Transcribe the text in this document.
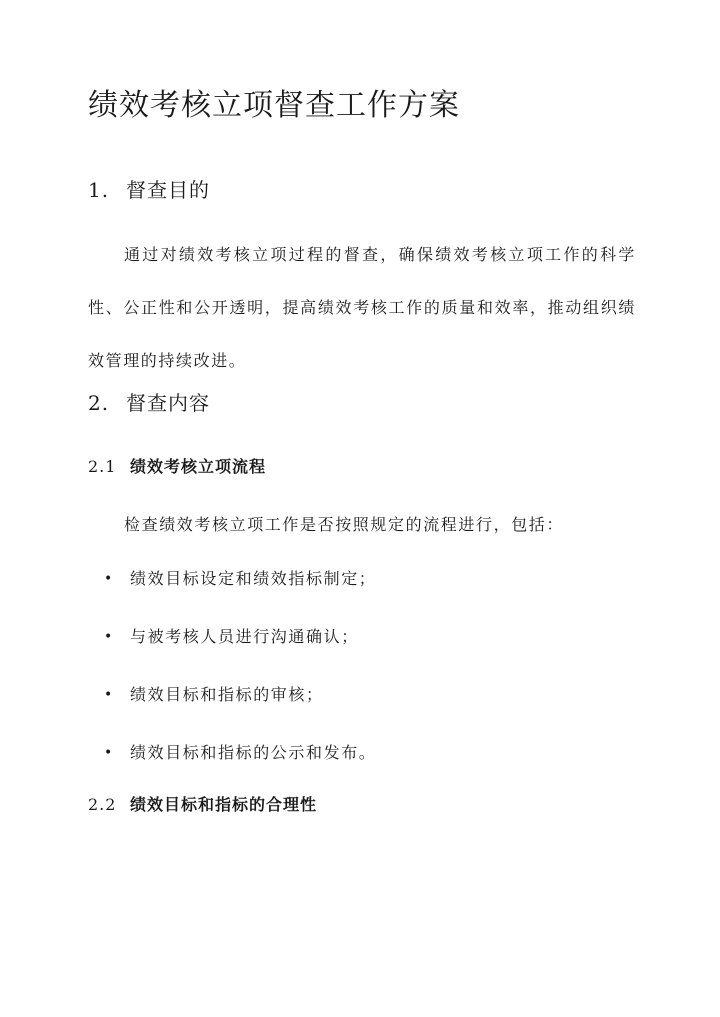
绩效考核立项督查工作方案
1. 督查目的

通过对绩效考核立项过程的督查，确保绩效考核立项工作的科学性、公正性和公开透明，提高绩效考核工作的质量和效率，推动组织绩效管理的持续改进。

2. 督查内容
2.1 绩效考核立项流程

检查绩效考核立项工作是否按照规定的流程进行，包括：

•	绩效目标设定和绩效指标制定；
•	与被考核人员进行沟通确认；
•	绩效目标和指标的审核；
•	绩效目标和指标的公示和发布。
2.2 绩效目标和指标的合理性
